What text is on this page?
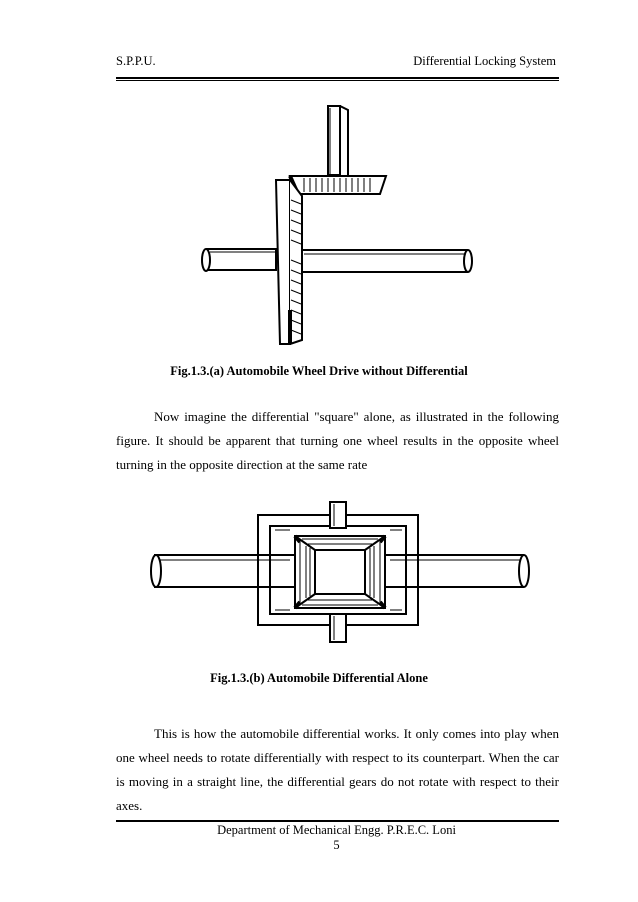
S.P.P.U.	Differential Locking System
Fig.1.3.(a) Automobile Wheel Drive without Differential
Now imagine the differential "square" alone, as illustrated in the following figure. It should be apparent that turning one wheel results in the opposite wheel turning in the opposite direction at the same rate
Fig.1.3.(b) Automobile Differential Alone
This is how the automobile differential works. It only comes into play when one wheel needs to rotate differentially with respect to its counterpart. When the car is moving in a straight line, the differential gears do not rotate with respect to their axes.
Department of Mechanical Engg. P.R.E.C. Loni
5
